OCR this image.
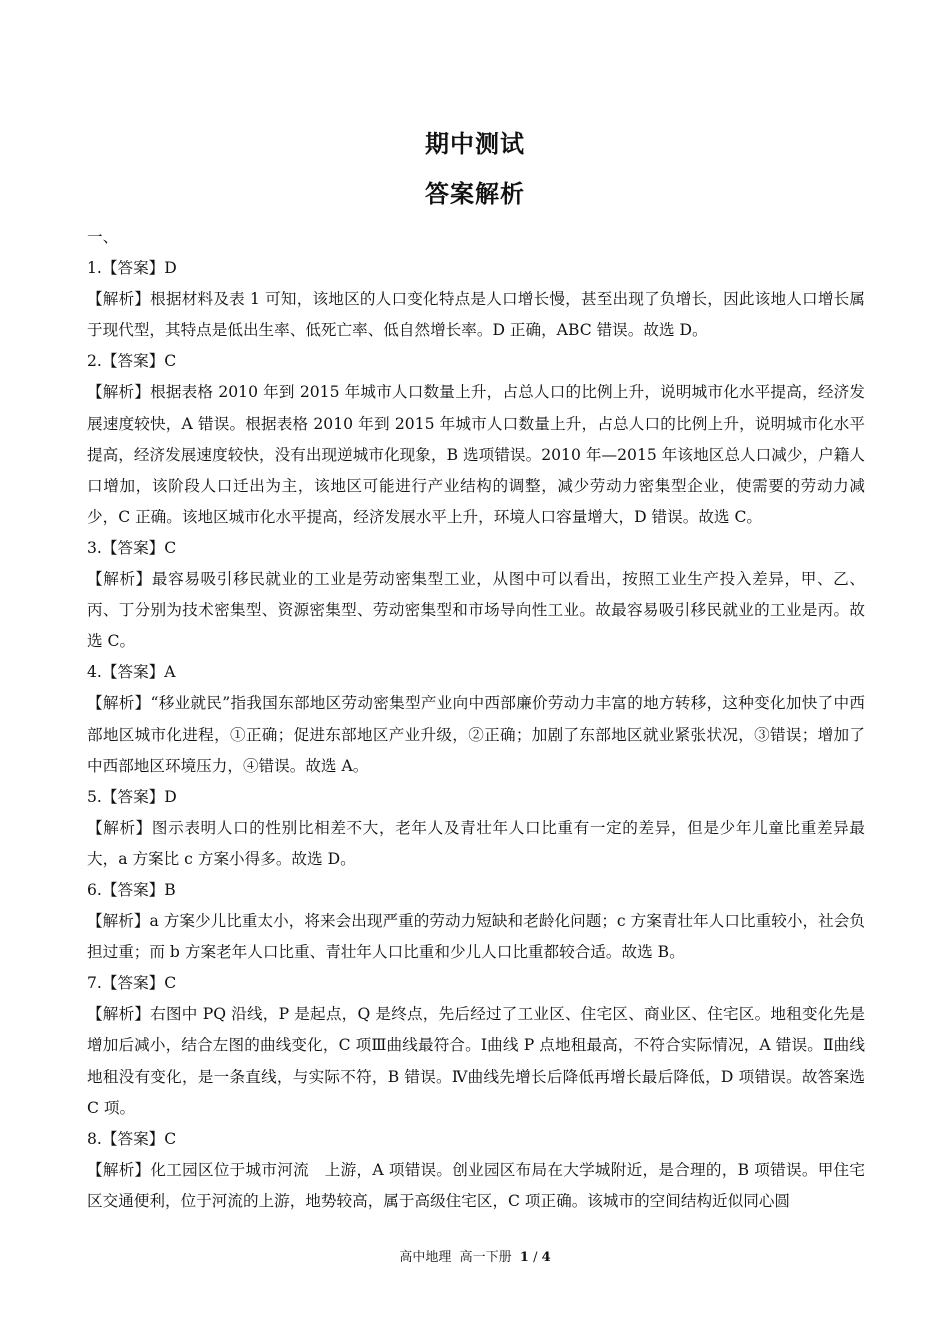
期中测试
答案解析
一、
1.【答案】D
【解析】根据材料及表 1 可知，该地区的人口变化特点是人口增长慢，甚至出现了负增长，因此该地人口增长属于现代型，其特点是低出生率、低死亡率、低自然增长率。D 正确，ABC 错误。故选 D。
2.【答案】C
【解析】根据表格 2010 年到 2015 年城市人口数量上升，占总人口的比例上升，说明城市化水平提高，经济发展速度较快，A 错误。根据表格 2010 年到 2015 年城市人口数量上升，占总人口的比例上升，说明城市化水平提高，经济发展速度较快，没有出现逆城市化现象，B 选项错误。2010 年—2015 年该地区总人口减少，户籍人口增加，该阶段人口迁出为主，该地区可能进行产业结构的调整，减少劳动力密集型企业，使需要的劳动力减少，C 正确。该地区城市化水平提高，经济发展水平上升，环境人口容量增大，D 错误。故选 C。
3.【答案】C
【解析】最容易吸引移民就业的工业是劳动密集型工业，从图中可以看出，按照工业生产投入差异，甲、乙、丙、丁分别为技术密集型、资源密集型、劳动密集型和市场导向性工业。故最容易吸引移民就业的工业是丙。故选 C。
4.【答案】A
【解析】“移业就民”指我国东部地区劳动密集型产业向中西部廉价劳动力丰富的地方转移，这种变化加快了中西部地区城市化进程，①正确；促进东部地区产业升级，②正确；加剧了东部地区就业紧张状况，③错误；增加了中西部地区环境压力，④错误。故选 A。
5.【答案】D
【解析】图示表明人口的性别比相差不大，老年人及青壮年人口比重有一定的差异，但是少年儿童比重差异最大，a 方案比 c 方案小得多。故选 D。
6.【答案】B
【解析】a 方案少儿比重太小，将来会出现严重的劳动力短缺和老龄化问题；c 方案青壮年人口比重较小，社会负担过重；而 b 方案老年人口比重、青壮年人口比重和少儿人口比重都较合适。故选 B。
7.【答案】C
【解析】右图中 PQ 沿线，P 是起点，Q 是终点，先后经过了工业区、住宅区、商业区、住宅区。地租变化先是增加后减小，结合左图的曲线变化，C 项Ⅲ曲线最符合。Ⅰ曲线 P 点地租最高，不符合实际情况，A 错误。Ⅱ曲线地租没有变化，是一条直线，与实际不符，B 错误。Ⅳ曲线先增长后降低再增长最后降低，D 项错误。故答案选 C 项。
8.【答案】C
【解析】化工园区位于城市河流　上游，A 项错误。创业园区布局在大学城附近，是合理的，B 项错误。甲住宅区交通便利，位于河流的上游，地势较高，属于高级住宅区，C 项正确。该城市的空间结构近似同心圆
高中地理 高一下册 1 / 4
